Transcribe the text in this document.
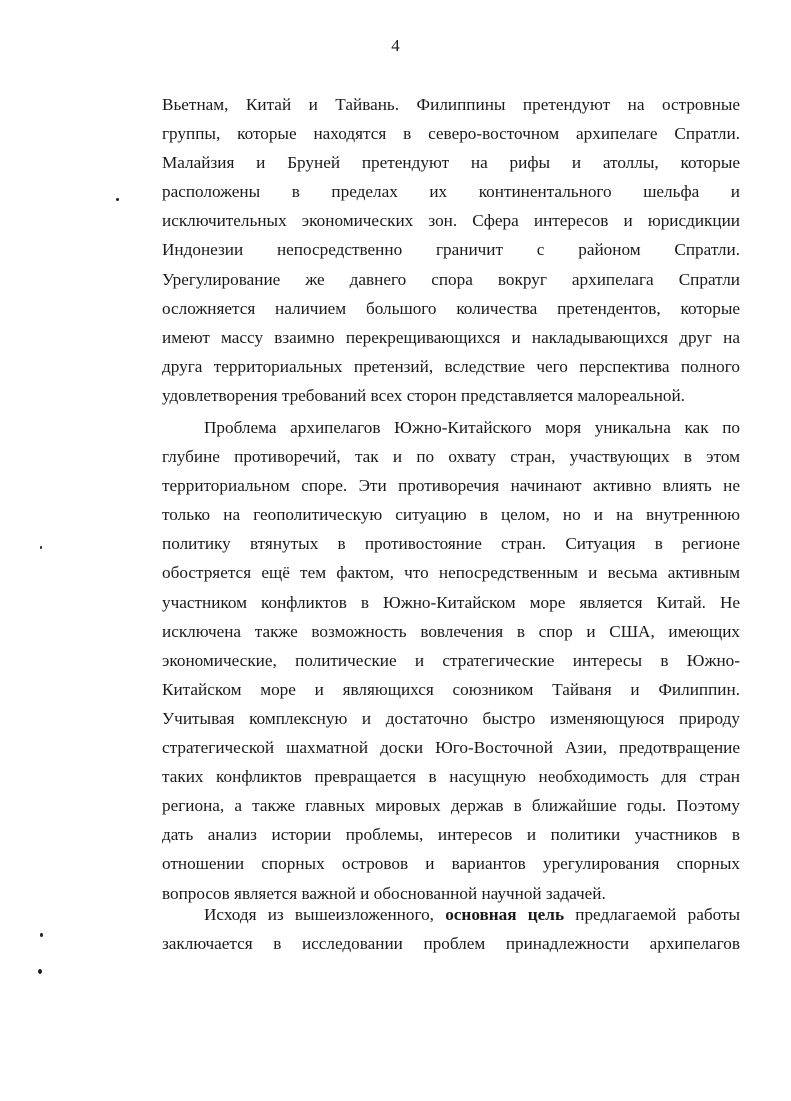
4
Вьетнам, Китай и Тайвань. Филиппины претендуют на островные
группы, которые находятся в северо-восточном архипелаге Спратли.
Малайзия и Бруней претендуют на рифы и атоллы, которые
расположены в пределах их континентального шельфа и
исключительных экономических зон. Сфера интересов и юрисдикции
Индонезии непосредственно граничит с районом Спратли.
Урегулирование же давнего спора вокруг архипелага Спратли
осложняется наличием большого количества претендентов, которые
имеют массу взаимно перекрещивающихся и накладывающихся друг на
друга территориальных претензий, вследствие чего перспектива полного
удовлетворения требований всех сторон представляется малореальной.
Проблема архипелагов Южно-Китайского моря уникальна как по
глубине противоречий, так и по охвату стран, участвующих в этом
территориальном споре. Эти противоречия начинают активно влиять не
только на геополитическую ситуацию в целом, но и на внутреннюю
политику втянутых в противостояние стран. Ситуация в регионе
обостряется ещё тем фактом, что непосредственным и весьма активным
участником конфликтов в Южно-Китайском море является Китай. Не
исключена также возможность вовлечения в спор и США, имеющих
экономические, политические и стратегические интересы в Южно-
Китайском море и являющихся союзником Тайваня и Филиппин.
Учитывая комплексную и достаточно быстро изменяющуюся природу
стратегической шахматной доски Юго-Восточной Азии, предотвращение
таких конфликтов превращается в насущную необходимость для стран
региона, а также главных мировых держав в ближайшие годы. Поэтому
дать анализ истории проблемы, интересов и политики участников в
отношении спорных островов и вариантов урегулирования спорных
вопросов является важной и обоснованной научной задачей.
Исходя из вышеизложенного, основная цель предлагаемой работы
заключается в исследовании проблем принадлежности архипелагов
